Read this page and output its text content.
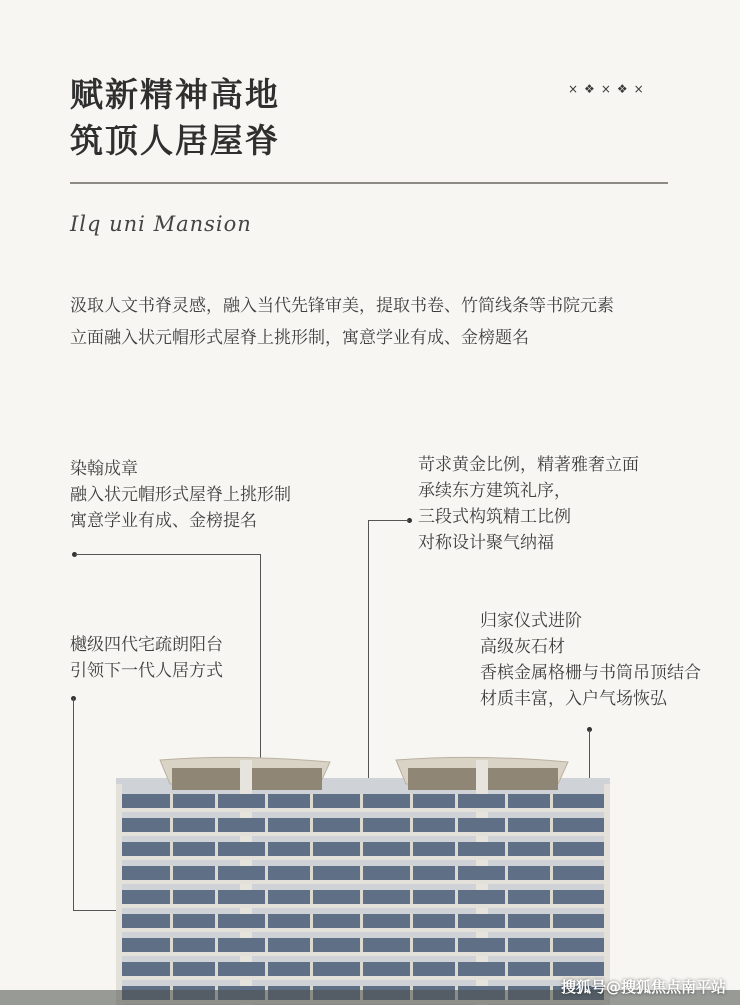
赋新精神高地
筑顶人居屋脊
×❖×❖×
Ilq uni Mansion
汲取人文书脊灵感，融入当代先锋审美，提取书卷、竹简线条等书院元素
立面融入状元帽形式屋脊上挑形制，寓意学业有成、金榜题名
染翰成章
融入状元帽形式屋脊上挑形制
寓意学业有成、金榜提名
苛求黄金比例，精著雅奢立面
承续东方建筑礼序，
三段式构筑精工比例
对称设计聚气纳福
樾级四代宅疏朗阳台
引领下一代人居方式
归家仪式进阶
高级灰石材
香槟金属格栅与书筒吊顶结合
材质丰富，入户气场恢弘
搜狐号@搜狐焦点南平站
